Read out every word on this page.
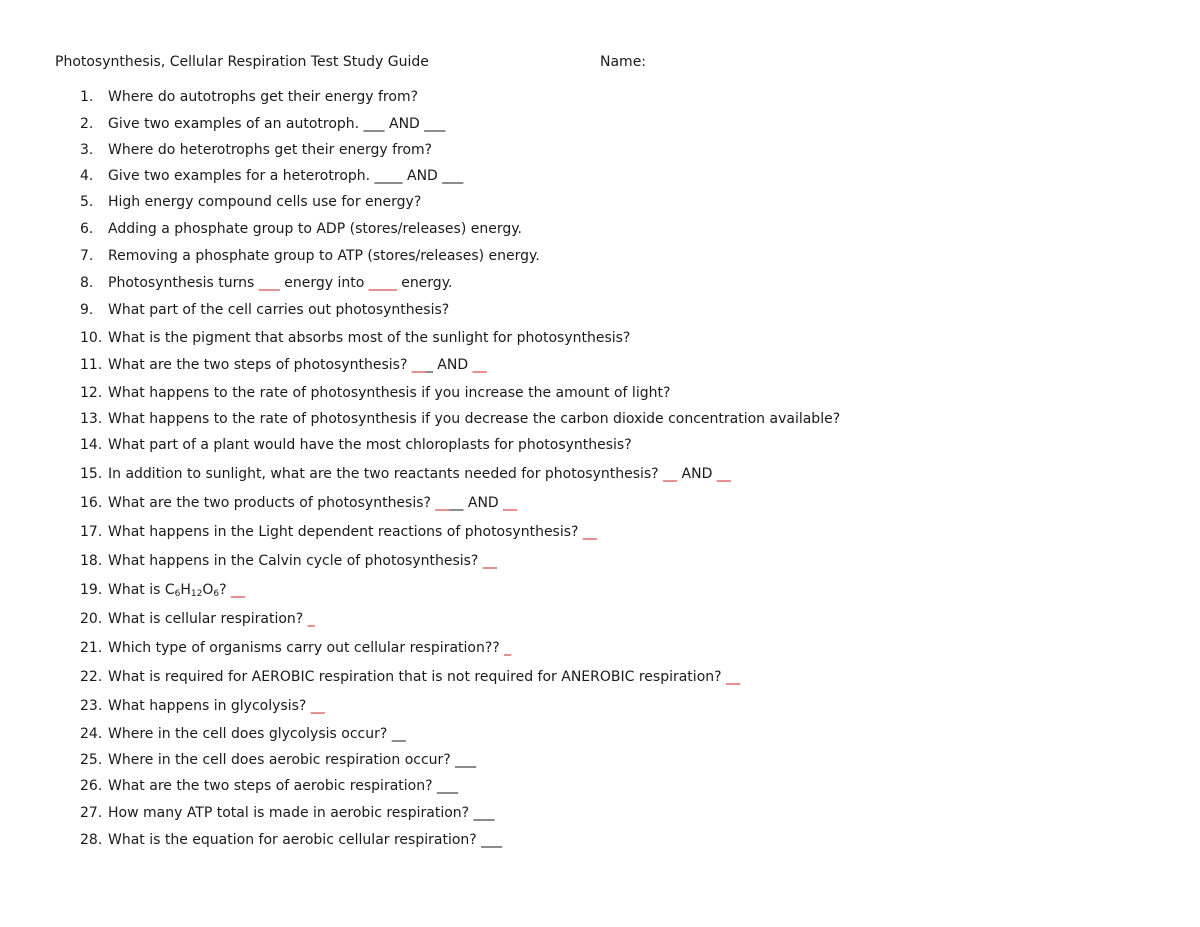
Photosynthesis, Cellular Respiration Test Study Guide	Name:
1. Where do autotrophs get their energy from?
2. Give two examples of an autotroph. ___ AND ___
3. Where do heterotrophs get their energy from?
4. Give two examples for a heterotroph. ____ AND ___
5. High energy compound cells use for energy?
6. Adding a phosphate group to ADP (stores/releases) energy.
7. Removing a phosphate group to ATP (stores/releases) energy.
8. Photosynthesis turns ___ energy into ____ energy.
9. What part of the cell carries out photosynthesis?
10. What is the pigment that absorbs most of the sunlight for photosynthesis?
11. What are the two steps of photosynthesis? ___ AND __
12. What happens to the rate of photosynthesis if you increase the amount of light?
13. What happens to the rate of photosynthesis if you decrease the carbon dioxide concentration available?
14. What part of a plant would have the most chloroplasts for photosynthesis?
15. In addition to sunlight, what are the two reactants needed for photosynthesis? __ AND __
16. What are the two products of photosynthesis? ____ AND __
17. What happens in the Light dependent reactions of photosynthesis? __
18. What happens in the Calvin cycle of photosynthesis? __
19. What is $C_6H_{12}O_6$? __
20. What is cellular respiration? _
21. Which type of organisms carry out cellular respiration?? _
22. What is required for AEROBIC respiration that is not required for ANEROBIC respiration? __
23. What happens in glycolysis? __
24. Where in the cell does glycolysis occur? __
25. Where in the cell does aerobic respiration occur? ___
26. What are the two steps of aerobic respiration? ___
27. How many ATP total is made in aerobic respiration? ___
28. What is the equation for aerobic cellular respiration? ___
